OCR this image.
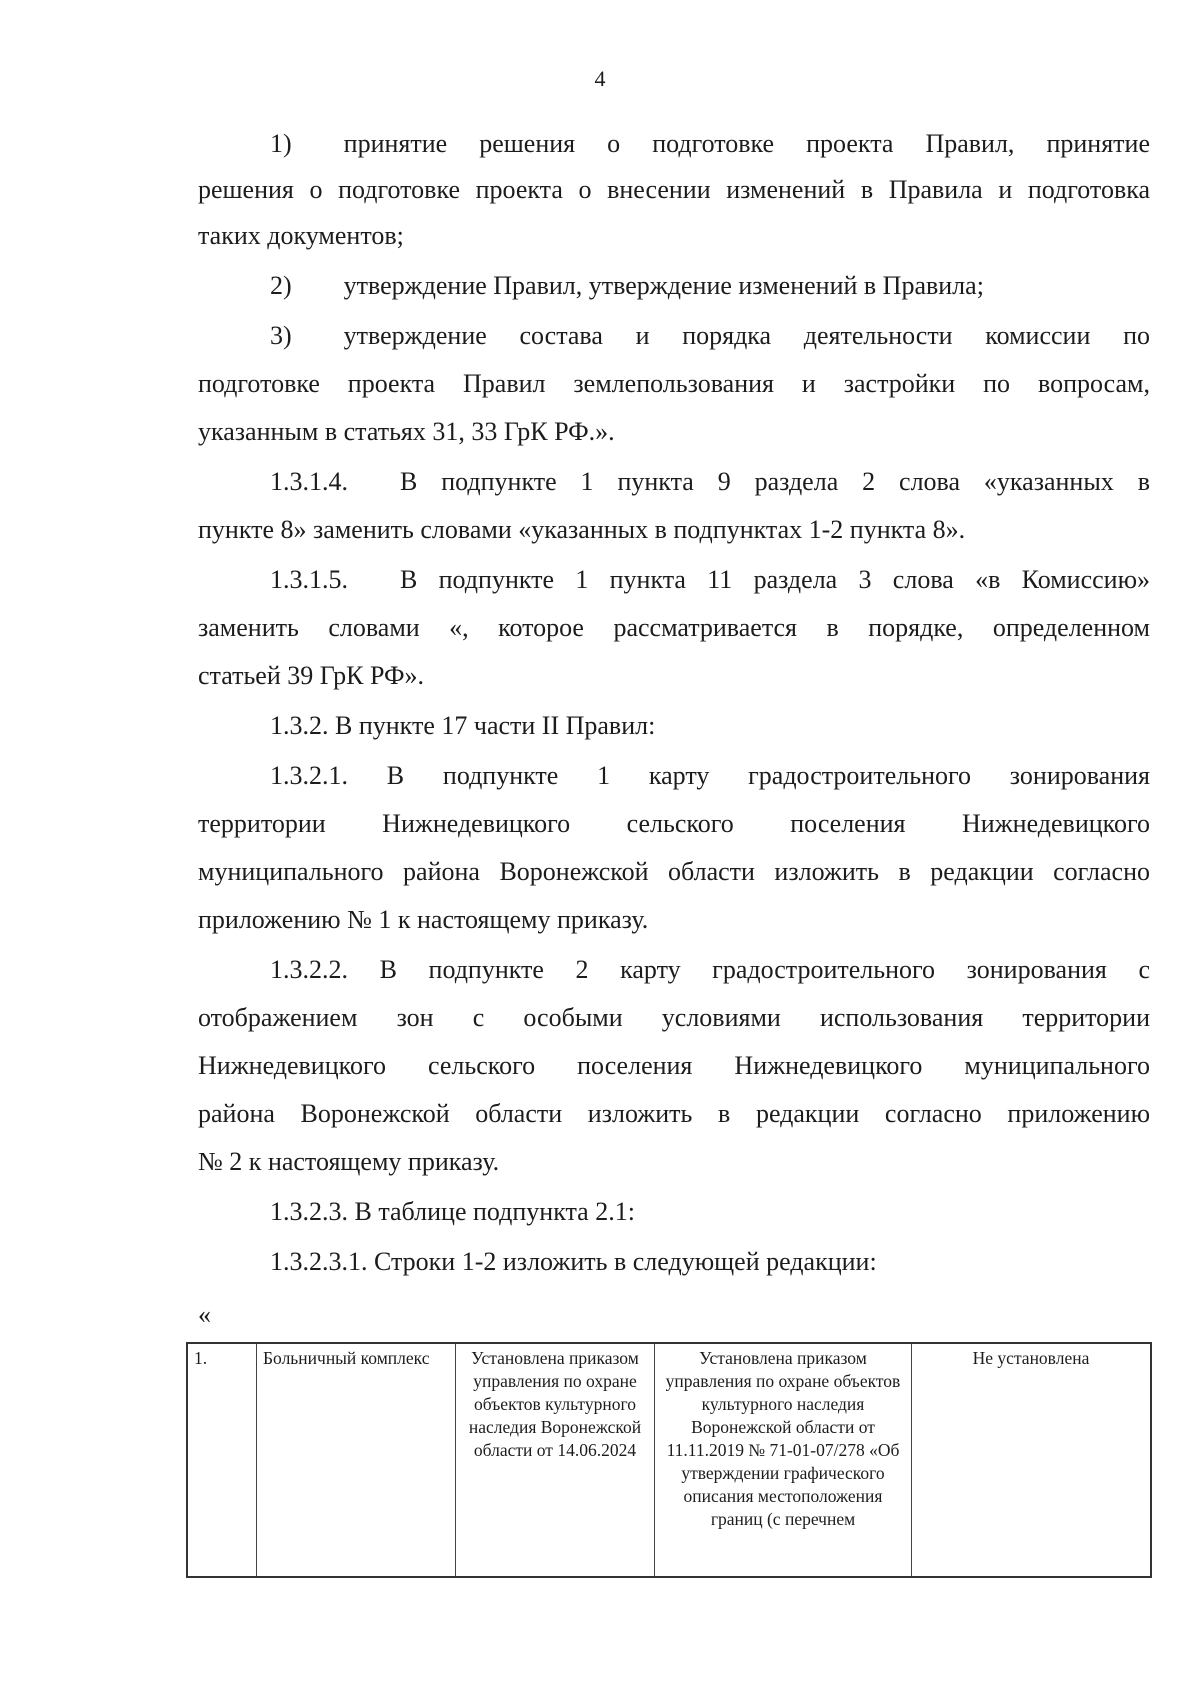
4
1)  принятие решения о подготовке проекта Правил, принятие
решения о подготовке проекта о внесении изменений в Правила и подготовка
таких документов;
2)  утверждение Правил, утверждение изменений в Правила;
3)  утверждение состава и порядка деятельности комиссии по
подготовке проекта Правил землепользования и застройки по вопросам,
указанным в статьях 31, 33 ГрК РФ.».
1.3.1.4.  В подпункте 1 пункта 9 раздела 2 слова «указанных в
пункте 8» заменить словами «указанных в подпунктах 1-2 пункта 8».
1.3.1.5.  В подпункте 1 пункта 11 раздела 3 слова «в Комиссию»
заменить словами «, которое рассматривается в порядке, определенном
статьей 39 ГрК РФ».
1.3.2. В пункте 17 части II Правил:
1.3.2.1. В подпункте 1 карту градостроительного зонирования
территории Нижнедевицкого сельского поселения Нижнедевицкого
муниципального района Воронежской области изложить в редакции согласно
приложению № 1 к настоящему приказу.
1.3.2.2. В подпункте 2 карту градостроительного зонирования с
отображением зон с особыми условиями использования территории
Нижнедевицкого сельского поселения Нижнедевицкого муниципального
района Воронежской области изложить в редакции согласно приложению
№ 2 к настоящему приказу.
1.3.2.3. В таблице подпункта 2.1:
1.3.2.3.1. Строки 1-2 изложить в следующей редакции:
«
1.	Больничный комплекс	Установлена приказом управления по охране объектов культурного наследия Воронежской области от 14.06.2024	Установлена приказом управления по охране объектов культурного наследия Воронежской области от 11.11.2019 № 71-01-07/278 «Об утверждении графического описания местоположения границ (с перечнем	Не установлена
